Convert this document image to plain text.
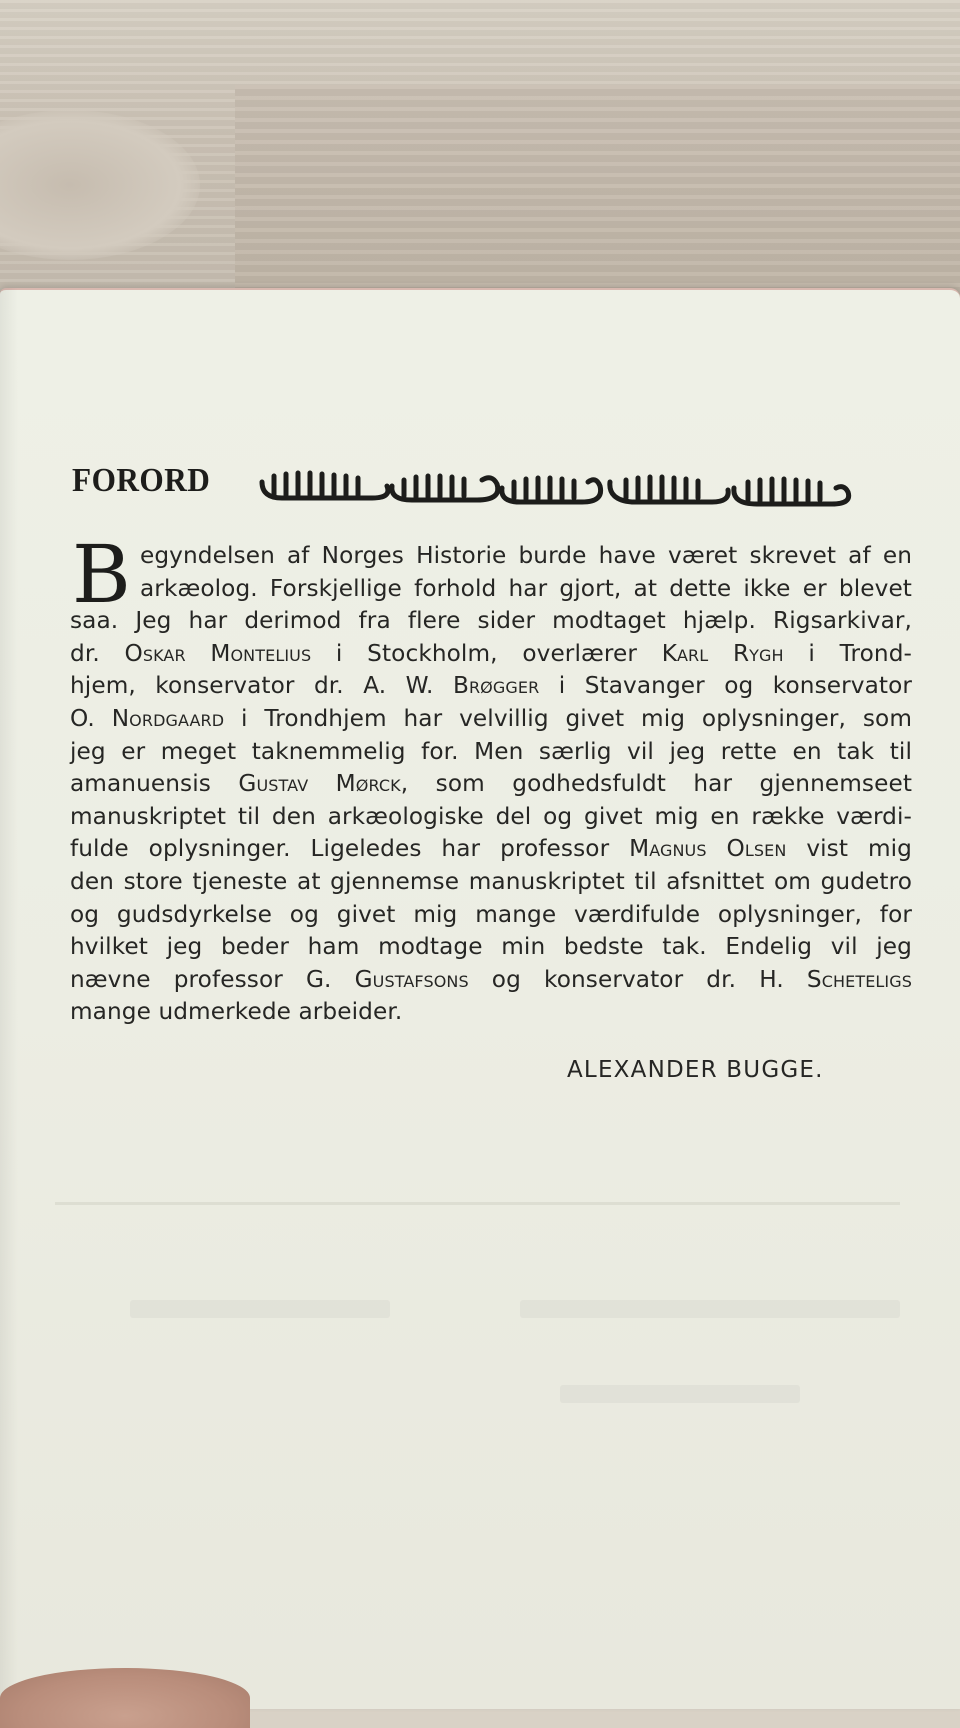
FORORD
B egyndelsen af Norges Historie burde have været skrevet af en
arkæolog. Forskjellige forhold har gjort, at dette ikke er blevet
saa. Jeg har derimod fra flere sider modtaget hjælp. Rigsarkivar,
dr. Oskar Montelius i Stockholm, overlærer Karl Rygh i Trond-
hjem, konservator dr. A. W. Brøgger i Stavanger og konservator
O. Nordgaard i Trondhjem har velvillig givet mig oplysninger, som
jeg er meget taknemmelig for. Men særlig vil jeg rette en tak til
amanuensis Gustav Mørck, som godhedsfuldt har gjennemseet
manuskriptet til den arkæologiske del og givet mig en række værdi-
fulde oplysninger. Ligeledes har professor Magnus Olsen vist mig
den store tjeneste at gjennemse manuskriptet til afsnittet om gudetro
og gudsdyrkelse og givet mig mange værdifulde oplysninger, for
hvilket jeg beder ham modtage min bedste tak. Endelig vil jeg
nævne professor G. Gustafsons og konservator dr. H. Scheteligs
mange udmerkede arbeider.
ALEXANDER BUGGE.
